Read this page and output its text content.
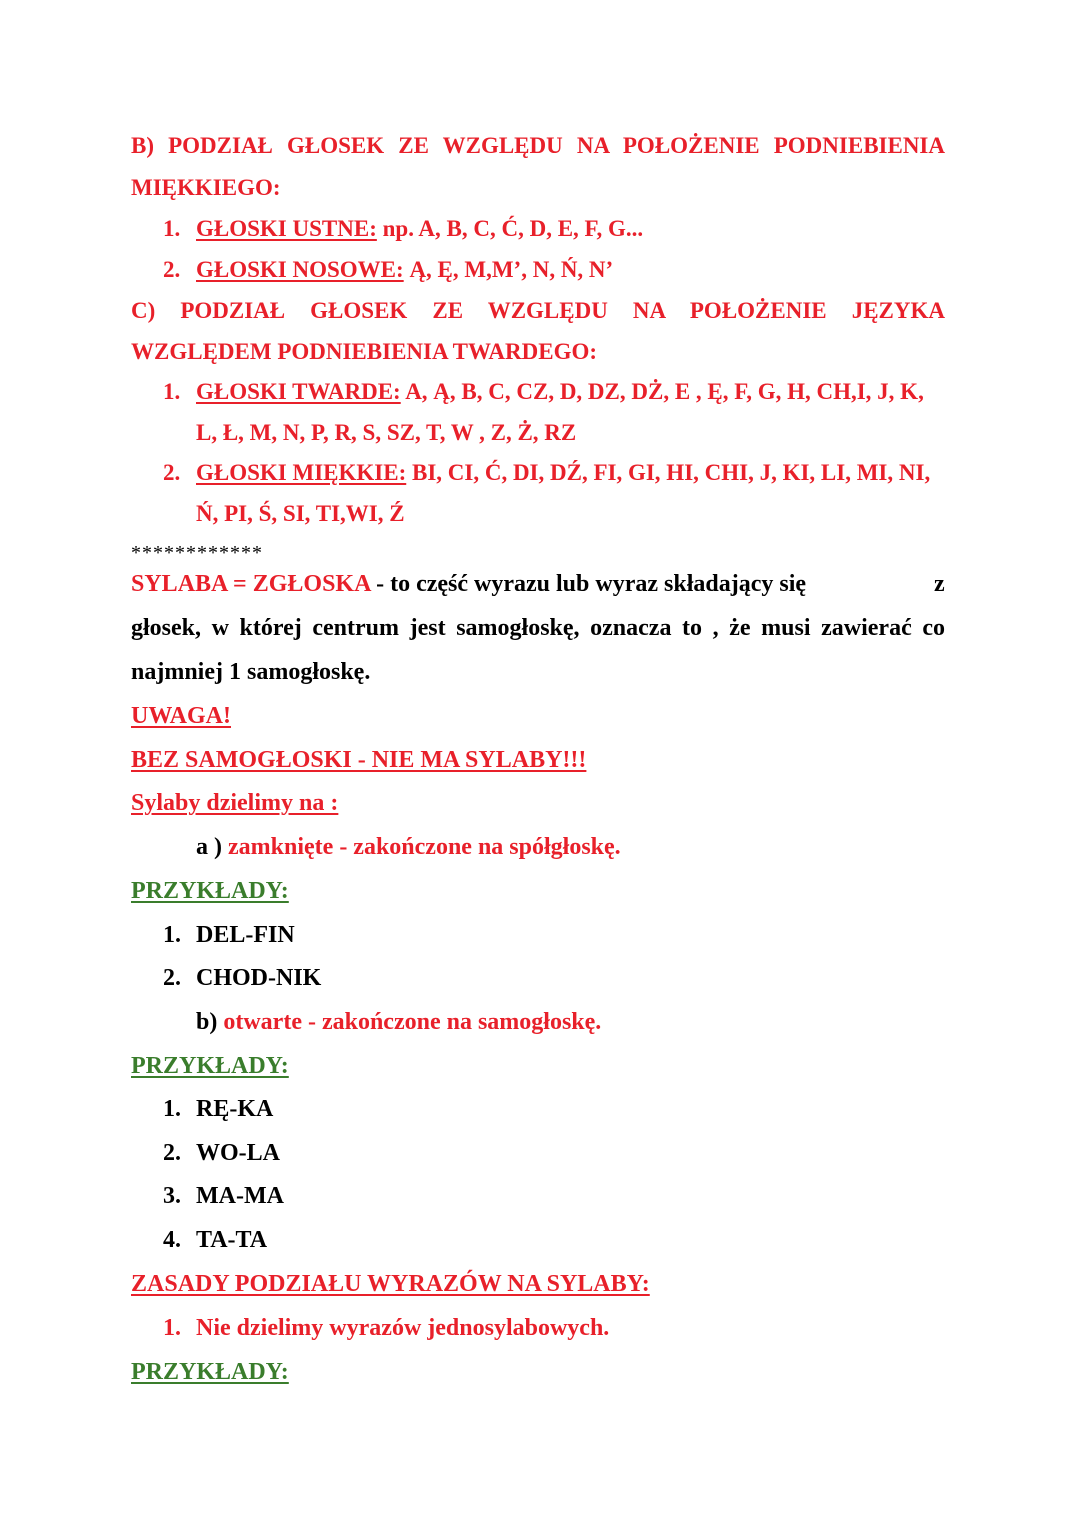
B) PODZIAŁ GŁOSEK ZE WZGLĘDU NA POŁOŻENIE PODNIEBIENIA
MIĘKKIEGO:
1. GŁOSKI USTNE: np. A, B, C, Ć, D, E, F, G...
2. GŁOSKI NOSOWE: Ą, Ę, M,M’, N, Ń, N’
C) PODZIAŁ GŁOSEK ZE WZGLĘDU NA POŁOŻENIE JĘZYKA
WZGLĘDEM PODNIEBIENIA TWARDEGO:
1. GŁOSKI TWARDE: A, Ą, B, C, CZ, D, DZ, DŻ, E , Ę, F, G, H, CH,I, J, K,
L, Ł, M, N, P, R, S, SZ, T, W , Z, Ż, RZ
2. GŁOSKI MIĘKKIE: BI, CI, Ć, DI, DŹ, FI, GI, HI, CHI, J, KI, LI, MI, NI,
Ń, PI, Ś, SI, TI,WI, Ź
************
SYLABA = ZGŁOSKA - to część wyrazu lub wyraz składający się	z
głosek, w której centrum jest samogłoskę, oznacza to , że musi zawierać co
najmniej 1 samogłoskę.
UWAGA!
BEZ SAMOGŁOSKI - NIE MA SYLABY!!!
Sylaby dzielimy na :
a ) zamknięte - zakończone na spółgłoskę.
PRZYKŁADY:
1. DEL-FIN
2. CHOD-NIK
b) otwarte - zakończone na samogłoskę.
PRZYKŁADY:
1. RĘ-KA
2. WO-LA
3. MA-MA
4. TA-TA
ZASADY PODZIAŁU WYRAZÓW NA SYLABY:
1. Nie dzielimy wyrazów jednosylabowych.
PRZYKŁADY:
